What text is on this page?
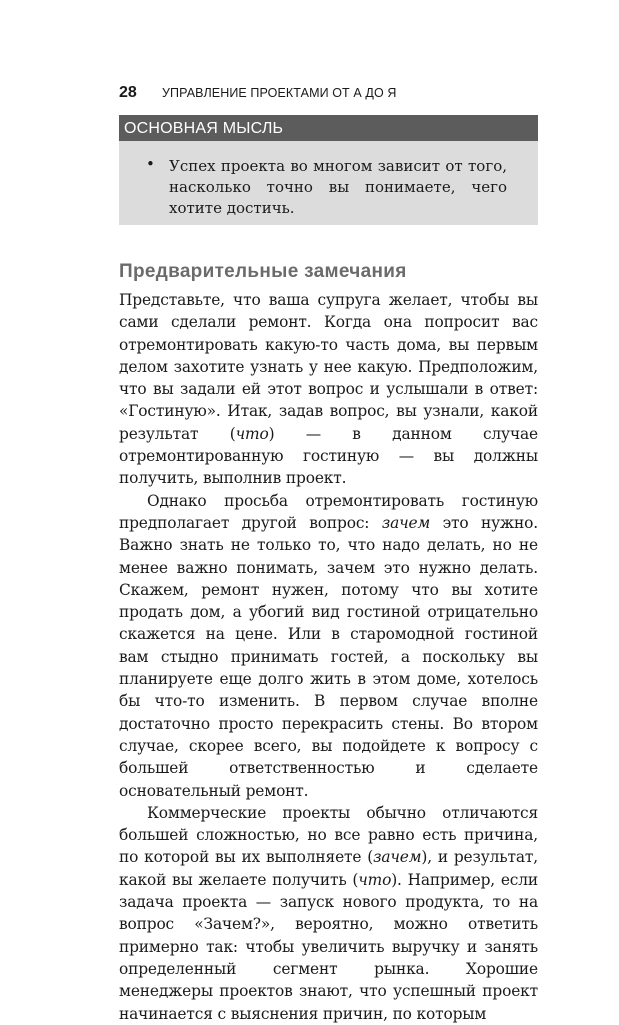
28 УПРАВЛЕНИЕ ПРОЕКТАМИ ОТ А ДО Я
ОСНОВНАЯ МЫСЛЬ
• Успех проекта во многом зависит от того, насколько точно вы понимаете, чего хотите достичь.

Предварительные замечания

Представьте, что ваша супруга желает, чтобы вы сами сделали ремонт. Когда она попросит вас отремонтировать какую-то часть дома, вы первым делом захотите узнать у нее какую. Предположим, что вы задали ей этот вопрос и услышали в ответ: «Гостиную». Итак, задав вопрос, вы узнали, какой результат (что) — в данном случае отремонтированную гостиную — вы должны получить, выполнив проект.

Однако просьба отремонтировать гостиную предполагает другой вопрос: зачем это нужно. Важно знать не только то, что надо делать, но не менее важно понимать, зачем это нужно делать. Скажем, ремонт нужен, потому что вы хотите продать дом, а убогий вид гостиной отрицательно скажется на цене. Или в старомодной гостиной вам стыдно принимать гостей, а поскольку вы планируете еще долго жить в этом доме, хотелось бы что-то изменить. В первом случае вполне достаточно просто перекрасить стены. Во втором случае, скорее всего, вы подойдете к вопросу с большей ответственностью и сделаете основательный ремонт.

Коммерческие проекты обычно отличаются большей сложностью, но все равно есть причина, по которой вы их выполняете (зачем), и результат, какой вы желаете получить (что). Например, если задача проекта — запуск нового продукта, то на вопрос «Зачем?», вероятно, можно ответить примерно так: чтобы увеличить выручку и занять определенный сегмент рынка. Хорошие менеджеры проектов знают, что успешный проект начинается с выяснения причин, по которым
